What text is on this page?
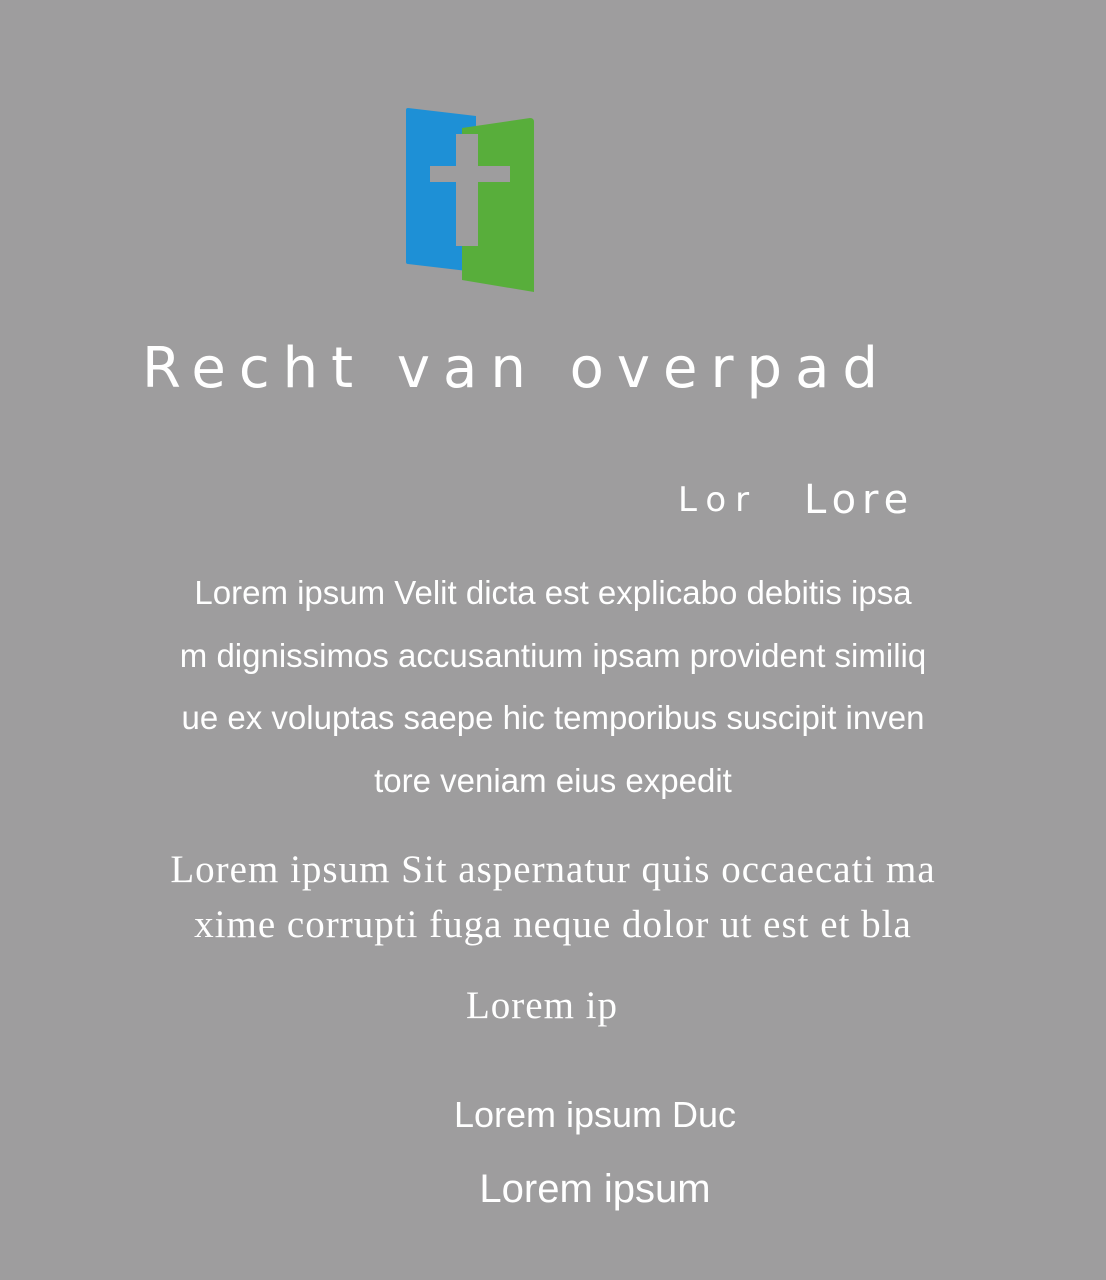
Recht van overpad
Lor Lore
Lorem ipsum Velit dicta est explicabo debitis ipsa
m dignissimos accusantium ipsam provident similiq
ue ex voluptas saepe hic temporibus suscipit inven
tore veniam eius expedit
Lorem ipsum Sit aspernatur quis occaecati ma
xime corrupti fuga neque dolor ut est et bla
Lorem ip
Lorem ipsum Duc
Lorem ipsum
